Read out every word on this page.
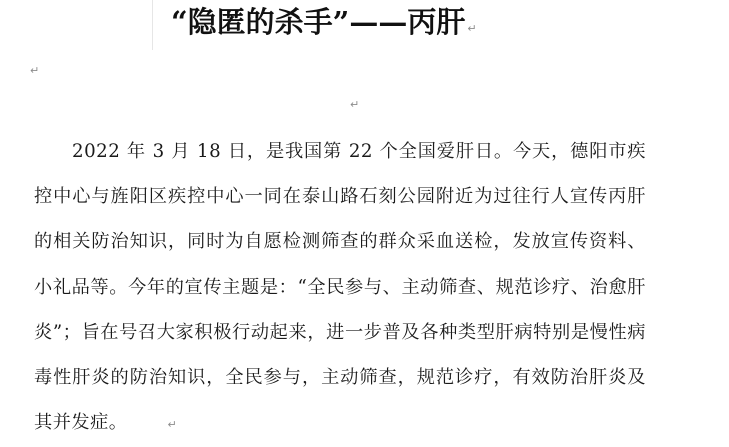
“隐匿的杀手”——丙肝 ↵
↵
↵

2022 年 3 月 18 日，是我国第 22 个全国爱肝日。今天，德阳市疾控中心与旌阳区疾控中心一同在泰山路石刻公园附近为过往行人宣传丙肝的相关防治知识，同时为自愿检测筛查的群众采血送检，发放宣传资料、小礼品等。今年的宣传主题是：“全民参与、主动筛查、规范诊疗、治愈肝炎”；旨在号召大家积极行动起来，进一步普及各种类型肝病特别是慢性病毒性肝炎的防治知识，全民参与，主动筛查，规范诊疗，有效防治肝炎及其并发症。	↵
